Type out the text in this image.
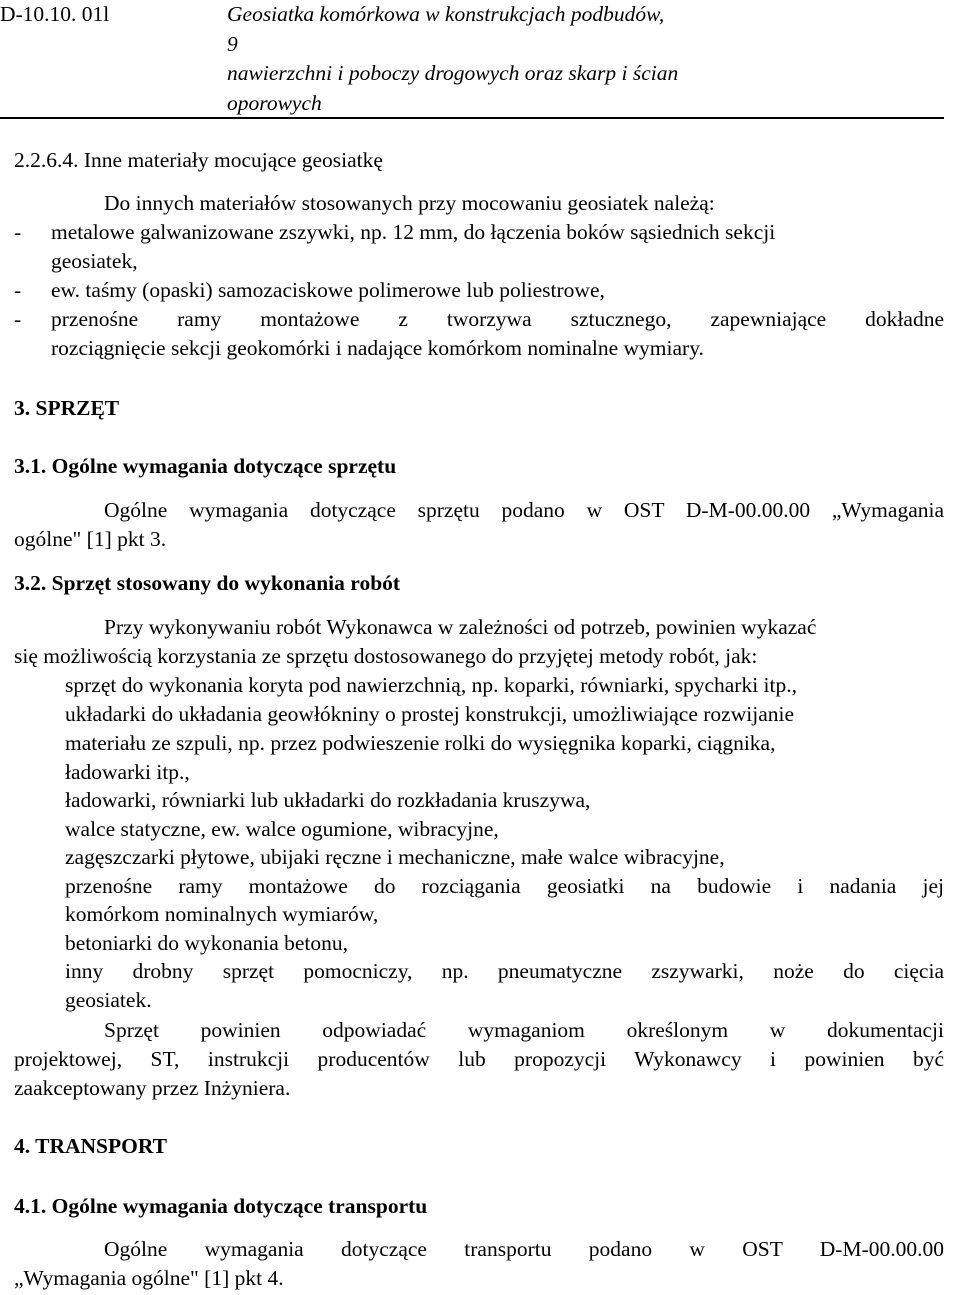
D-10.10. 01l	Geosiatka komórkowa w konstrukcjach podbudów,
9
nawierzchni i poboczy drogowych oraz skarp i ścian
oporowych
2.2.6.4. Inne materiały mocujące geosiatkę
Do innych materiałów stosowanych przy mocowaniu geosiatek należą:
- metalowe galwanizowane zszywki, np. 12 mm, do łączenia boków sąsiednich sekcji
geosiatek,
- ew. taśmy (opaski) samozaciskowe polimerowe lub poliestrowe,
- przenośne ramy montażowe z tworzywa sztucznego, zapewniające dokładne
rozciągnięcie sekcji geokomórki i nadające komórkom nominalne wymiary.
3. SPRZĘT
3.1. Ogólne wymagania dotyczące sprzętu
Ogólne wymagania dotyczące sprzętu podano w OST D-M-00.00.00 „Wymagania
ogólne" [1] pkt 3.
3.2. Sprzęt stosowany do wykonania robót
Przy wykonywaniu robót Wykonawca w zależności od potrzeb, powinien wykazać
się możliwością korzystania ze sprzętu dostosowanego do przyjętej metody robót, jak:
sprzęt do wykonania koryta pod nawierzchnią, np. koparki, równiarki, spycharki itp.,
układarki do układania geowłókniny o prostej konstrukcji, umożliwiające rozwijanie
materiału ze szpuli, np. przez podwieszenie rolki do wysięgnika koparki, ciągnika,
ładowarki itp.,
ładowarki, równiarki lub układarki do rozkładania kruszywa,
walce statyczne, ew. walce ogumione, wibracyjne,
zagęszczarki płytowe, ubijaki ręczne i mechaniczne, małe walce wibracyjne,
przenośne ramy montażowe do rozciągania geosiatki na budowie i nadania jej
komórkom nominalnych wymiarów,
betoniarki do wykonania betonu,
inny drobny sprzęt pomocniczy, np. pneumatyczne zszywarki, noże do cięcia
geosiatek.
Sprzęt powinien odpowiadać wymaganiom określonym w dokumentacji
projektowej, ST, instrukcji producentów lub propozycji Wykonawcy i powinien być
zaakceptowany przez Inżyniera.
4. TRANSPORT
4.1. Ogólne wymagania dotyczące transportu
Ogólne wymagania dotyczące transportu podano w OST D-M-00.00.00
„Wymagania ogólne" [1] pkt 4.
